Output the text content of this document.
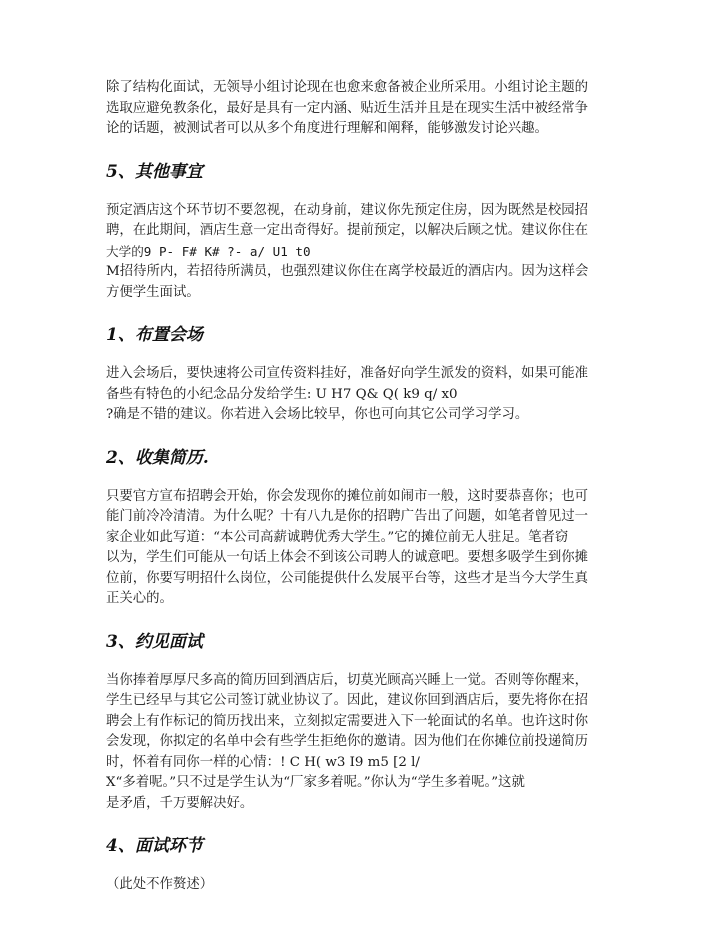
除了结构化面试，无领导小组讨论现在也愈来愈备被企业所采用。小组讨论主题的
选取应避免教条化，最好是具有一定内涵、贴近生活并且是在现实生活中被经常争
论的话题，被测试者可以从多个角度进行理解和阐释，能够激发讨论兴趣。
5、其他事宜
预定酒店这个环节切不要忽视，在动身前，建议你先预定住房，因为既然是校园招
聘，在此期间，酒店生意一定出奇得好。提前预定，以解决后顾之忧。建议你住在
大学的9 P- F# K# ?- a/ U1 t0
M招待所内，若招待所满员，也强烈建议你住在离学校最近的酒店内。因为这样会
方便学生面试。
1、布置会场
进入会场后，要快速将公司宣传资料挂好，准备好向学生派发的资料，如果可能准
备些有特色的小纪念品分发给学生: U H7 Q& Q( k9 q/ x0
?确是不错的建议。你若进入会场比较早，你也可向其它公司学习学习。
2、收集简历.
只要官方宣布招聘会开始，你会发现你的摊位前如闹市一般，这时要恭喜你；也可
能门前冷冷清清。为什么呢？十有八九是你的招聘广告出了问题，如笔者曾见过一
家企业如此写道：“本公司高薪诚聘优秀大学生。”它的摊位前无人驻足。笔者窃
以为，学生们可能从一句话上体会不到该公司聘人的诚意吧。要想多吸学生到你摊
位前，你要写明招什么岗位，公司能提供什么发展平台等，这些才是当今大学生真
正关心的。
3、约见面试
当你捧着厚厚尺多高的简历回到酒店后，切莫光顾高兴睡上一觉。否则等你醒来，
学生已经早与其它公司签订就业协议了。因此，建议你回到酒店后，要先将你在招
聘会上有作标记的简历找出来，立刻拟定需要进入下一轮面试的名单。也许这时你
会发现，你拟定的名单中会有些学生拒绝你的邀请。因为他们在你摊位前投递简历
时，怀着有同你一样的心情：! C H( w3 I9 m5 [2 l/
X“多着呢。”只不过是学生认为“厂家多着呢。”你认为“学生多着呢。”这就
是矛盾，千万要解决好。
4、面试环节
（此处不作赘述）
